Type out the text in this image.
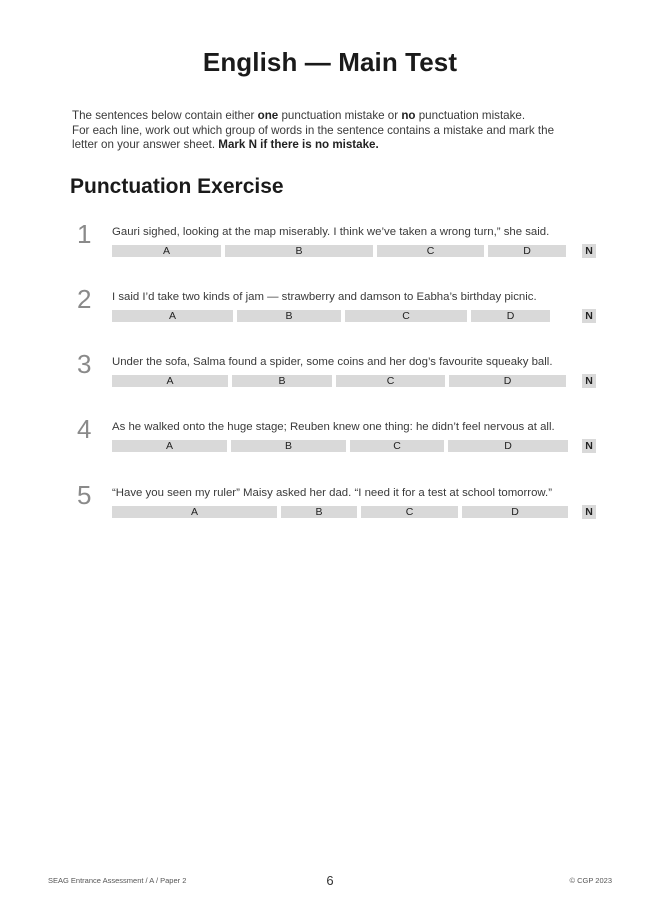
English — Main Test
The sentences below contain either one punctuation mistake or no punctuation mistake.
For each line, work out which group of words in the sentence contains a mistake and mark the
letter on your answer sheet. Mark N if there is no mistake.
Punctuation Exercise
1 Gauri sighed, looking at the map miserably. I think we’ve taken a wrong turn,” she said.
A	B	C	D	N
2 I said I’d take two kinds of jam — strawberry and damson to Eabha’s birthday picnic.
A	B	C	D	N
3 Under the sofa, Salma found a spider, some coins and her dog’s favourite squeaky ball.
A	B	C	D	N
4 As he walked onto the huge stage; Reuben knew one thing: he didn’t feel nervous at all.
A	B	C	D	N
5 “Have you seen my ruler” Maisy asked her dad. “I need it for a test at school tomorrow.”
A	B	C	D	N
SEAG Entrance Assessment / A / Paper 2	6	© CGP 2023
